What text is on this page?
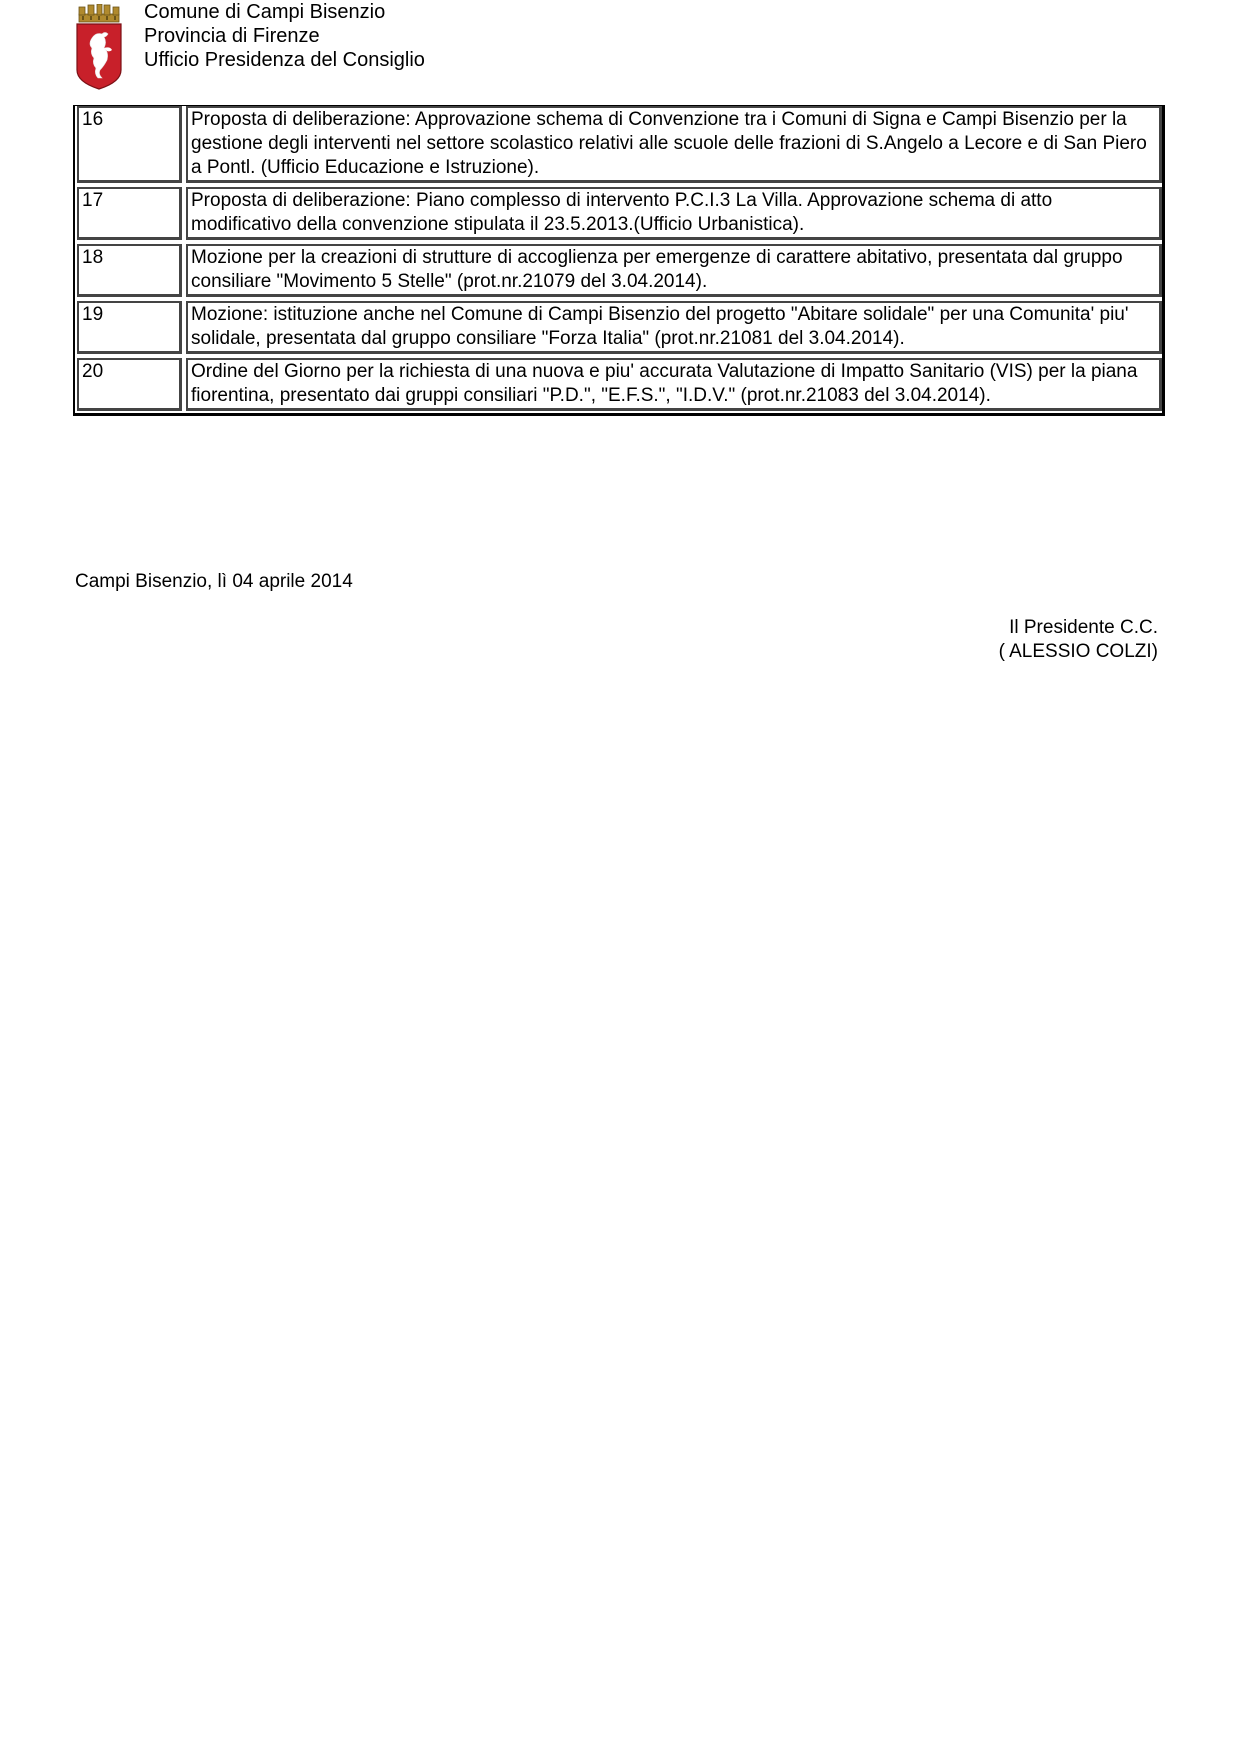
Comune di Campi Bisenzio
Provincia di Firenze
Ufficio Presidenza del Consiglio
16	Proposta di deliberazione: Approvazione schema di Convenzione tra i Comuni di Signa e Campi Bisenzio per la gestione degli interventi nel settore scolastico relativi alle scuole delle frazioni di S.Angelo a Lecore e di San Piero a Pontl. (Ufficio Educazione e Istruzione).
17	Proposta di deliberazione: Piano complesso di intervento P.C.I.3 La Villa. Approvazione schema di atto modificativo della convenzione stipulata il 23.5.2013.(Ufficio Urbanistica).
18	Mozione per la creazioni di strutture di accoglienza per emergenze di carattere abitativo, presentata dal gruppo consiliare "Movimento 5 Stelle" (prot.nr.21079 del 3.04.2014).
19	Mozione: istituzione anche nel Comune di Campi Bisenzio del progetto "Abitare solidale" per una Comunita' piu' solidale, presentata dal gruppo consiliare "Forza Italia" (prot.nr.21081 del 3.04.2014).
20	Ordine del Giorno per la richiesta di una nuova e piu' accurata Valutazione di Impatto Sanitario (VIS) per la piana fiorentina, presentato dai gruppi consiliari "P.D.", "E.F.S.", "I.D.V." (prot.nr.21083 del 3.04.2014).
Campi Bisenzio, lì 04 aprile 2014
Il Presidente C.C.
( ALESSIO COLZI)
